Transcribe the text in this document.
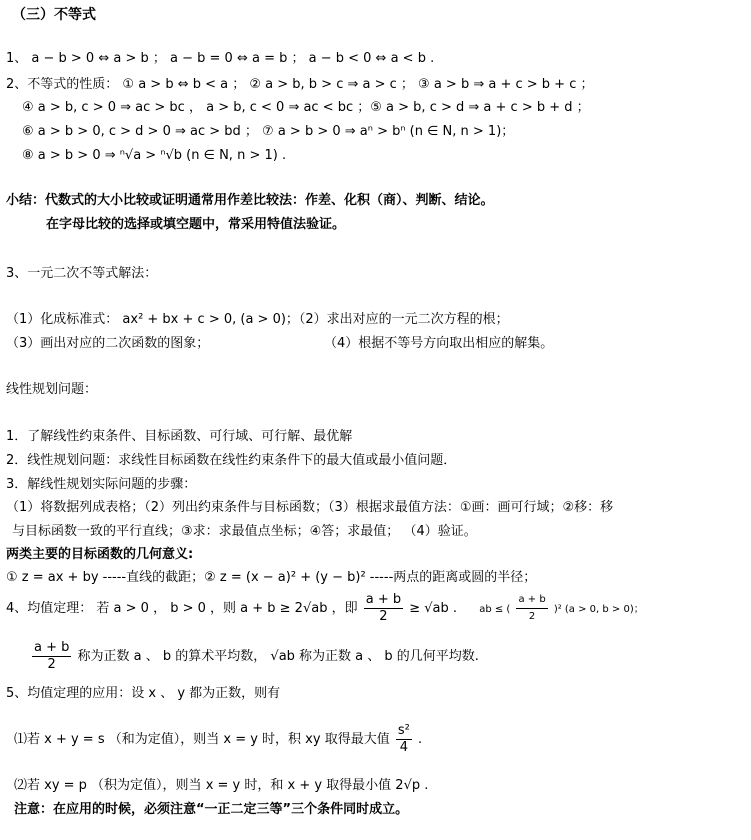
（三）不等式
1、 a − b > 0 ⇔ a > b ； a − b = 0 ⇔ a = b ； a − b < 0 ⇔ a < b .
2、不等式的性质： ① a > b ⇔ b < a ； ② a > b, b > c ⇒ a > c ； ③ a > b ⇒ a + c > b + c ；
④ a > b, c > 0 ⇒ ac > bc ， a > b, c < 0 ⇒ ac < bc ；⑤ a > b, c > d ⇒ a + c > b + d ；
⑥ a > b > 0, c > d > 0 ⇒ ac > bd ； ⑦ a > b > 0 ⇒ aⁿ > bⁿ (n ∈ N, n > 1)；
⑧ a > b > 0 ⇒ ⁿ√a > ⁿ√b (n ∈ N, n > 1) .
小结：代数式的大小比较或证明通常用作差比较法：作差、化积（商）、判断、结论。
在字母比较的选择或填空题中，常采用特值法验证。
3、一元二次不等式解法：
（1）化成标准式： ax² + bx + c > 0, (a > 0)；（2）求出对应的一元二次方程的根；
（3）画出对应的二次函数的图象；	（4）根据不等号方向取出相应的解集。
线性规划问题：
1．了解线性约束条件、目标函数、可行域、可行解、最优解
2．线性规划问题：求线性目标函数在线性约束条件下的最大值或最小值问题．
3．解线性规划实际问题的步骤：
（1）将数据列成表格；（2）列出约束条件与目标函数；（3）根据求最值方法：①画：画可行域；②移：移
与目标函数一致的平行直线；③求：求最值点坐标；④答；求最值； （4）验证。
两类主要的目标函数的几何意义:
① z = ax + by -----直线的截距；② z = (x − a)² + (y − b)² -----两点的距离或圆的半径；
4、均值定理： 若 a > 0 ， b > 0 ，则 a + b ≥ 2√ab ，即 $\frac{a + b}{2} \ge √ab$ . ab ≤ ( $\frac{a + b}{2} )^2$ (a > 0, b > 0)；
$\frac{a + b}{2}$ 称为正数 a 、 b 的算术平均数， √ab 称为正数 a 、 b 的几何平均数.
5、均值定理的应用：设 x 、 y 都为正数，则有
⑴若 x + y = s （和为定值），则当 x = y 时，积 xy 取得最大值 $\frac{\text{s²}}{4}$ .
⑵若 xy = p （积为定值），则当 x = y 时，和 x + y 取得最小值 2√p .
注意：在应用的时候，必须注意“一正二定三等”三个条件同时成立。
